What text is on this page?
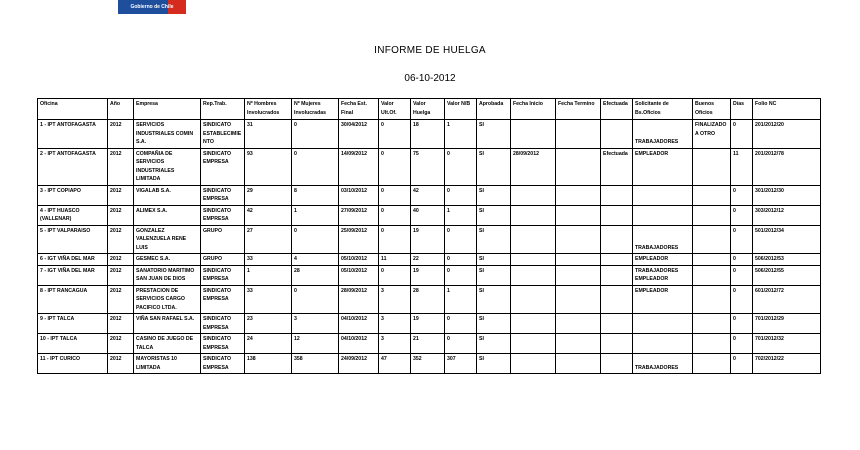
Gobierno de Chile
INFORME DE HUELGA
06-10-2012
Oficina	Año	Empresa	Rep.Trab.	Nº Hombres Involucrados	Nº Mujeres Involucradas	Fecha Est. Final	Valor Ult.Of.	Valor Huelga	Valor N/B	Aprobada	Fecha Inicio	Fecha Termino	Efectuada	Solicitante de Bs.Oficios	Buenos Oficios	Días	Folio NC
1 - IPT ANTOFAGASTA	2012	SERVICIOS INDUSTRIALES COMIN S.A.	SINDICATO ESTABLECIMIENTO	31	0	30/04/2012	0	18	1	SI				TRABAJADORES	FINALIZADO A OTRO	0	201/2012/20
2 - IPT ANTOFAGASTA	2012	COMPAÑIA DE SERVICIOS INDUSTRIALES LIMITADA	SINDICATO EMPRESA	93	0	14/09/2012	0	75	0	SI	28/09/2012		Efectuada	EMPLEADOR		11	201/2012/78
3 - IPT COPIAPO	2012	VIGALAB S.A.	SINDICATO EMPRESA	29	8	03/10/2012	0	42	0	SI						0	301/2012/30
4 - IPT HUASCO (VALLENAR)	2012	ALIMEX S.A.	SINDICATO EMPRESA	42	1	27/09/2012	0	40	1	SI						0	303/2012/12
5 - IPT VALPARAISO	2012	GONZALEZ VALENZUELA RENE LUIS	GRUPO	27	0	25/09/2012	0	19	0	SI				TRABAJADORES		0	501/2012/34
6 - IGT VIÑA DEL MAR	2012	GESMEC S.A.	GRUPO	33	4	05/10/2012	11	22	0	SI				EMPLEADOR		0	506/2012/53
7 - IGT VIÑA DEL MAR	2012	SANATORIO MARITIMO SAN JUAN DE DIOS	SINDICATO EMPRESA	1	28	05/10/2012	0	19	0	SI				TRABAJADORES EMPLEADOR		0	506/2012/55
8 - IPT RANCAGUA	2012	PRESTACION DE SERVICIOS CARGO PACIFICO LTDA.	SINDICATO EMPRESA	33	0	28/09/2012	3	28	1	SI				EMPLEADOR		0	601/2012/72
9 - IPT TALCA	2012	VIÑA SAN RAFAEL S.A.	SINDICATO EMPRESA	23	3	04/10/2012	3	19	0	SI						0	701/2012/29
10 - IPT TALCA	2012	CASINO DE JUEGO DE TALCA	SINDICATO EMPRESA	24	12	04/10/2012	3	21	0	SI						0	701/2012/32
11 - IPT CURICO	2012	MAYORISTAS 10 LIMITADA	SINDICATO EMPRESA	138	358	24/09/2012	47	352	307	SI				TRABAJADORES		0	702/2012/22
